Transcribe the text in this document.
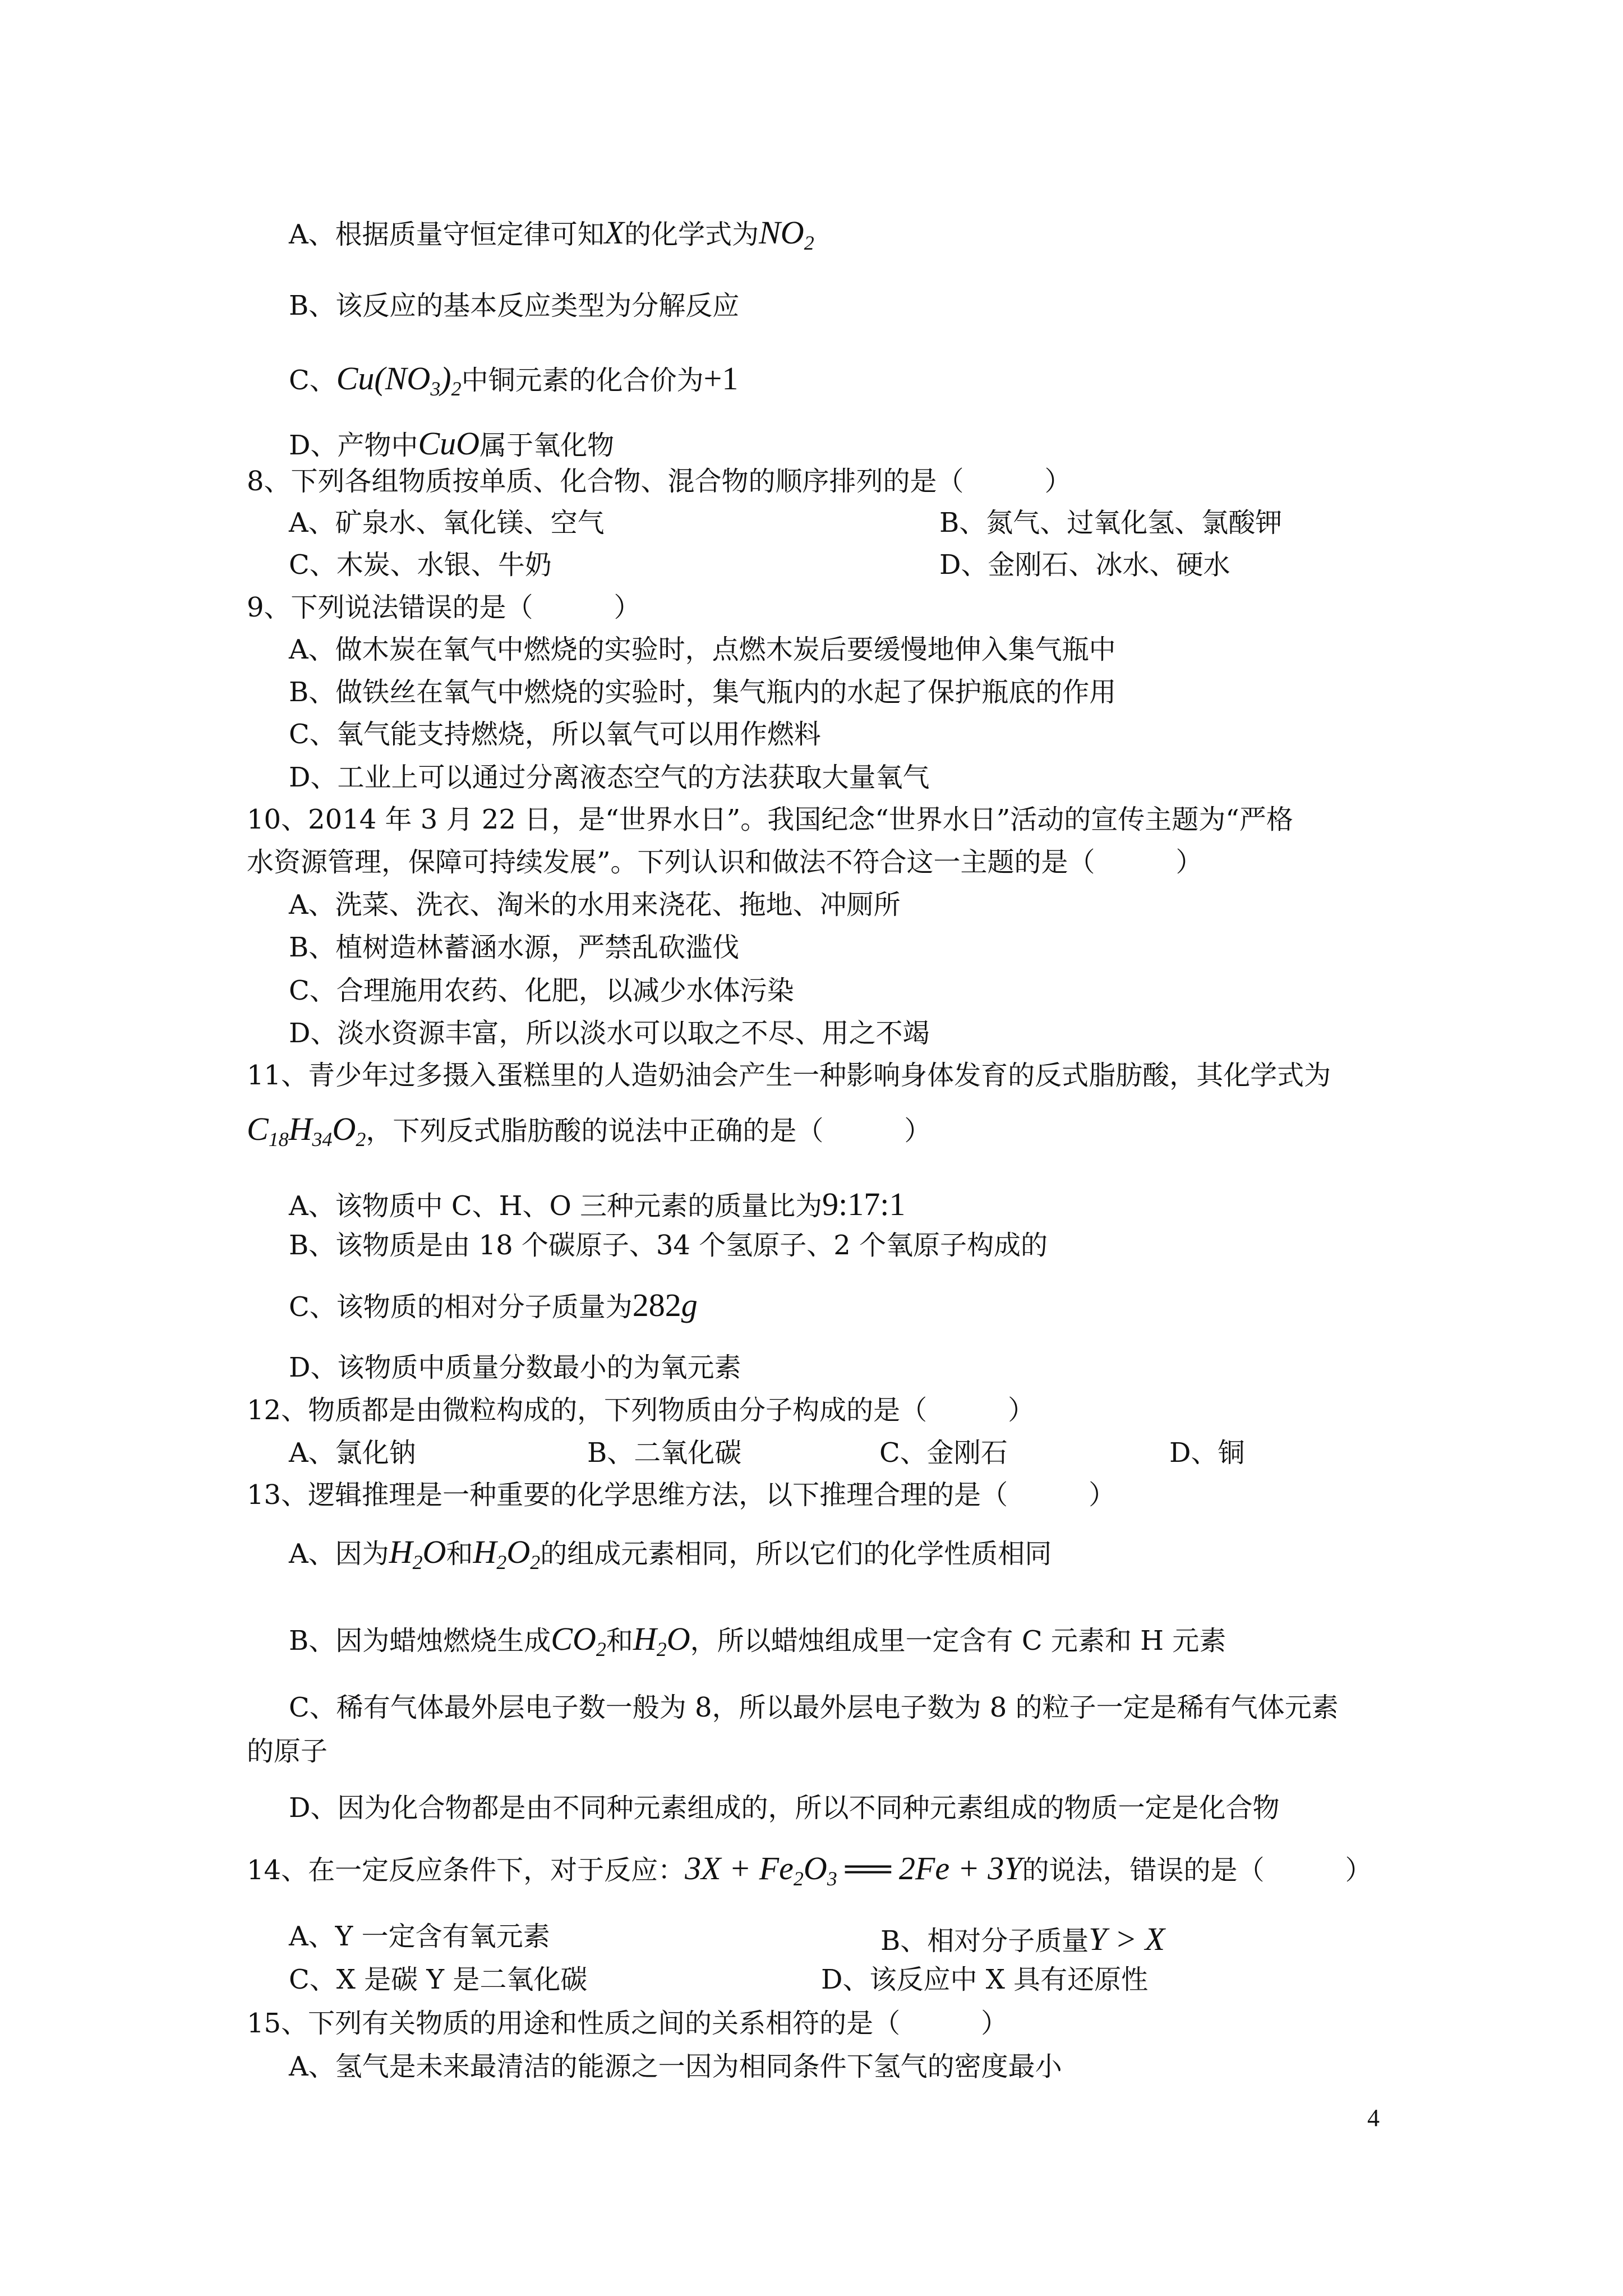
A、根据质量守恒定律可知X的化学式为$NO_2$
B、该反应的基本反应类型为分解反应
C、$Cu(NO_3)_2$中铜元素的化合价为+1
D、产物中CuO属于氧化物
8、下列各组物质按单质、化合物、混合物的顺序排列的是（　　　）
A、矿泉水、氧化镁、空气	B、氮气、过氧化氢、氯酸钾
C、木炭、水银、牛奶	D、金刚石、冰水、硬水
9、下列说法错误的是（　　　）
A、做木炭在氧气中燃烧的实验时，点燃木炭后要缓慢地伸入集气瓶中
B、做铁丝在氧气中燃烧的实验时，集气瓶内的水起了保护瓶底的作用
C、氧气能支持燃烧，所以氧气可以用作燃料
D、工业上可以通过分离液态空气的方法获取大量氧气
10、2014 年 3 月 22 日，是“世界水日”。我国纪念“世界水日”活动的宣传主题为“严格
水资源管理，保障可持续发展”。下列认识和做法不符合这一主题的是（　　　）
A、洗菜、洗衣、淘米的水用来浇花、拖地、冲厕所
B、植树造林蓄涵水源，严禁乱砍滥伐
C、合理施用农药、化肥，以减少水体污染
D、淡水资源丰富，所以淡水可以取之不尽、用之不竭
11、青少年过多摄入蛋糕里的人造奶油会产生一种影响身体发育的反式脂肪酸，其化学式为
$C_{18}H_{34}O_2$，下列反式脂肪酸的说法中正确的是（　　　）
A、该物质中 C、H、O 三种元素的质量比为9:17:1
B、该物质是由 18 个碳原子、34 个氢原子、2 个氧原子构成的
C、该物质的相对分子质量为282g
D、该物质中质量分数最小的为氧元素
12、物质都是由微粒构成的，下列物质由分子构成的是（　　　）
A、氯化钠	B、二氧化碳	C、金刚石	D、铜
13、逻辑推理是一种重要的化学思维方法，以下推理合理的是（　　　）
A、因为$H_2O$和$H_2O_2$的组成元素相同，所以它们的化学性质相同
B、因为蜡烛燃烧生成$CO_2$和$H_2O$，所以蜡烛组成里一定含有 C 元素和 H 元素
C、稀有气体最外层电子数一般为 8，所以最外层电子数为 8 的粒子一定是稀有气体元素
的原子
D、因为化合物都是由不同种元素组成的，所以不同种元素组成的物质一定是化合物
14、在一定反应条件下，对于反应：$3X + Fe_2O_3$ ══ 2Fe + 3Y的说法，错误的是（　　　）
A、Y 一定含有氧元素	B、相对分子质量Y > X
C、X 是碳 Y 是二氧化碳	D、该反应中 X 具有还原性
15、下列有关物质的用途和性质之间的关系相符的是（　　　）
A、氢气是未来最清洁的能源之一因为相同条件下氢气的密度最小
4
